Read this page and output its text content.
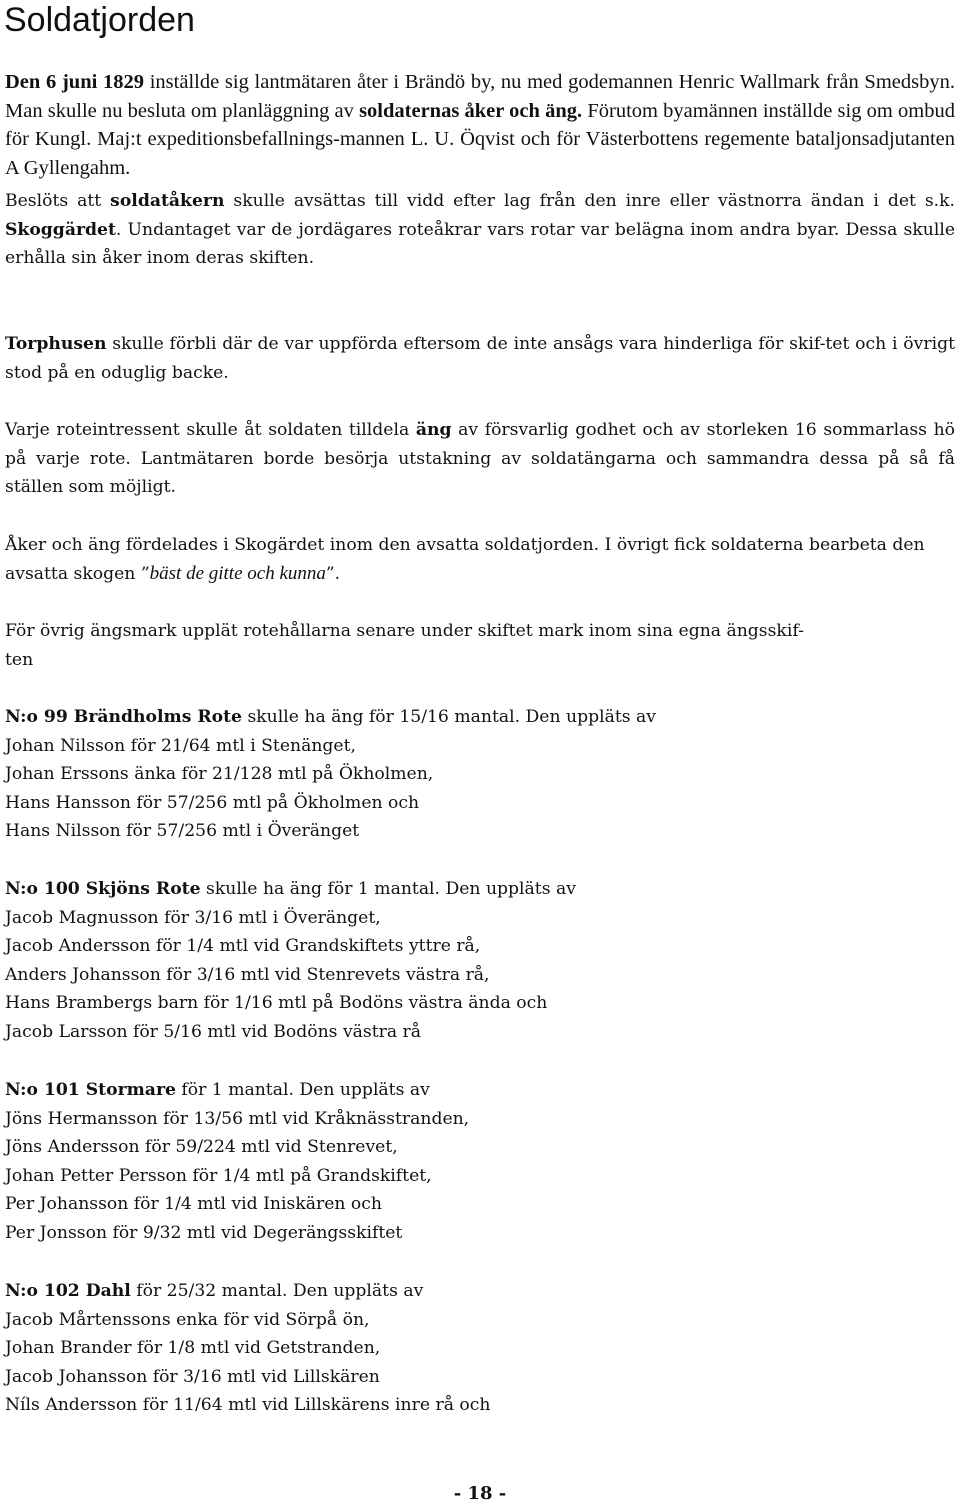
Soldatjorden

Den 6 juni 1829 inställde sig lantmätaren åter i Brändö by, nu med godemannen Henric Wallmark från Smedsbyn. Man skulle nu besluta om planläggning av soldaternas åker och äng. Förutom byamännen inställde sig om ombud för Kungl. Maj:t expeditionsbefallnings-mannen L. U. Öqvist och för Västerbottens regemente bataljonsadjutanten A Gyllengahm.

Beslöts att soldatåkern skulle avsättas till vidd efter lag från den inre eller västnorra ändan i det s.k. Skoggärdet. Undantaget var de jordägares roteåkrar vars rotar var belägna inom andra byar. Dessa skulle erhålla sin åker inom deras skiften.

Torphusen skulle förbli där de var uppförda eftersom de inte ansågs vara hinderliga för skif-tet och i övrigt stod på en oduglig backe.

Varje roteintressent skulle åt soldaten tilldela äng av försvarlig godhet och av storleken 16 sommarlass hö på varje rote. Lantmätaren borde besörja utstakning av soldatängarna och sammandra dessa på så få ställen som möjligt.

Åker och äng fördelades i Skogärdet inom den avsatta soldatjorden. I övrigt fick soldaterna bearbeta den avsatta skogen ”bäst de gitte och kunna”.

För övrig ängsmark upplät rotehållarna senare under skiftet mark inom sina egna ängsskif-
ten
N:o 99 Brändholms Rote skulle ha äng för 15/16 mantal. Den uppläts av
Johan Nilsson för 21/64 mtl i Stenänget,
Johan Erssons änka för 21/128 mtl på Ökholmen,
Hans Hansson för 57/256 mtl på Ökholmen och
Hans Nilsson för 57/256 mtl i Överänget
N:o 100 Skjöns Rote skulle ha äng för 1 mantal. Den uppläts av
Jacob Magnusson för 3/16 mtl i Överänget,
Jacob Andersson för 1/4 mtl vid Grandskiftets yttre rå,
Anders Johansson för 3/16 mtl vid Stenrevets västra rå,
Hans Brambergs barn för 1/16 mtl på Bodöns västra ända och
Jacob Larsson för 5/16 mtl vid Bodöns västra rå
N:o 101 Stormare för 1 mantal. Den uppläts av
Jöns Hermansson för 13/56 mtl vid Kråknässtranden,
Jöns Andersson för 59/224 mtl vid Stenrevet,
Johan Petter Persson för 1/4 mtl på Grandskiftet,
Per Johansson för 1/4 mtl vid Iniskären och
Per Jonsson för 9/32 mtl vid Degerängsskiftet
N:o 102 Dahl för 25/32 mantal. Den uppläts av
Jacob Mårtenssons enka för vid Sörpå ön,
Johan Brander för 1/8 mtl vid Getstranden,
Jacob Johansson för 3/16 mtl vid Lillskären
Níls Andersson för 11/64 mtl vid Lillskärens inre rå och
- 18 -
